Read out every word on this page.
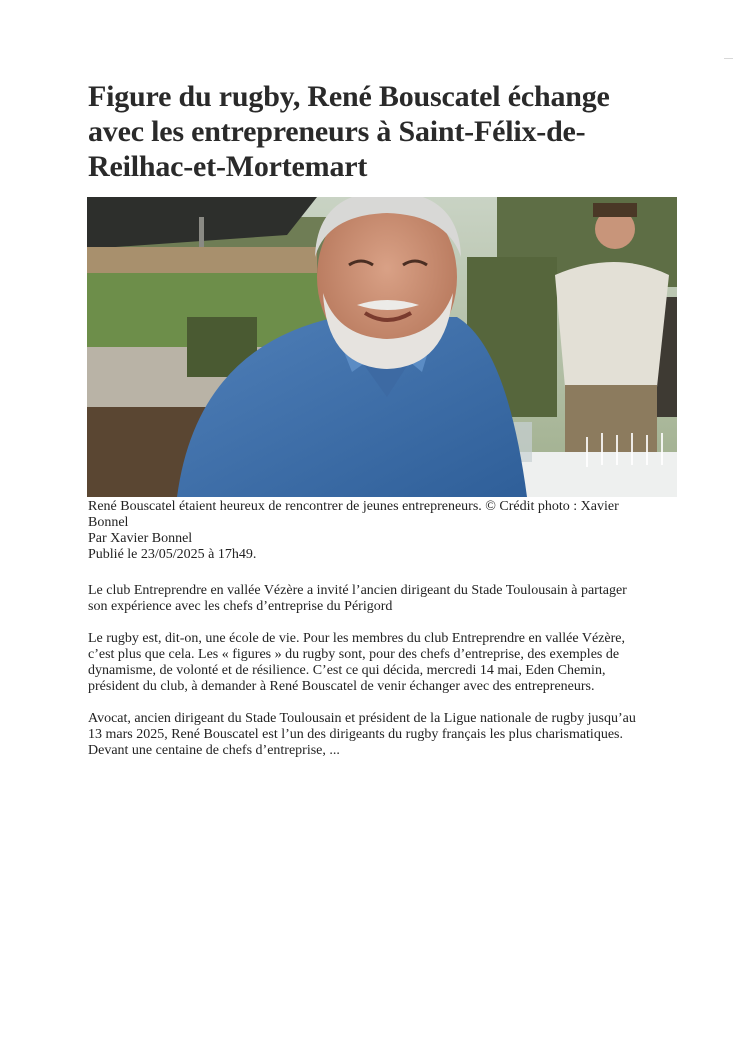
Figure du rugby, René Bouscatel échange avec les entrepreneurs à Saint-Félix-de-Reilhac-et-Mortemart
René Bouscatel étaient heureux de rencontrer de jeunes entrepreneurs. © Crédit photo : Xavier Bonnel
Par Xavier Bonnel
Publié le 23/05/2025 à 17h49.

Le club Entreprendre en vallée Vézère a invité l’ancien dirigeant du Stade Toulousain à partager son expérience avec les chefs d’entreprise du Périgord

Le rugby est, dit-on, une école de vie. Pour les membres du club Entreprendre en vallée Vézère, c’est plus que cela. Les « figures » du rugby sont, pour des chefs d’entreprise, des exemples de dynamisme, de volonté et de résilience. C’est ce qui décida, mercredi 14 mai, Eden Chemin, président du club, à demander à René Bouscatel de venir échanger avec des entrepreneurs.

Avocat, ancien dirigeant du Stade Toulousain et président de la Ligue nationale de rugby jusqu’au 13 mars 2025, René Bouscatel est l’un des dirigeants du rugby français les plus charismatiques. Devant une centaine de chefs d’entreprise, ...
